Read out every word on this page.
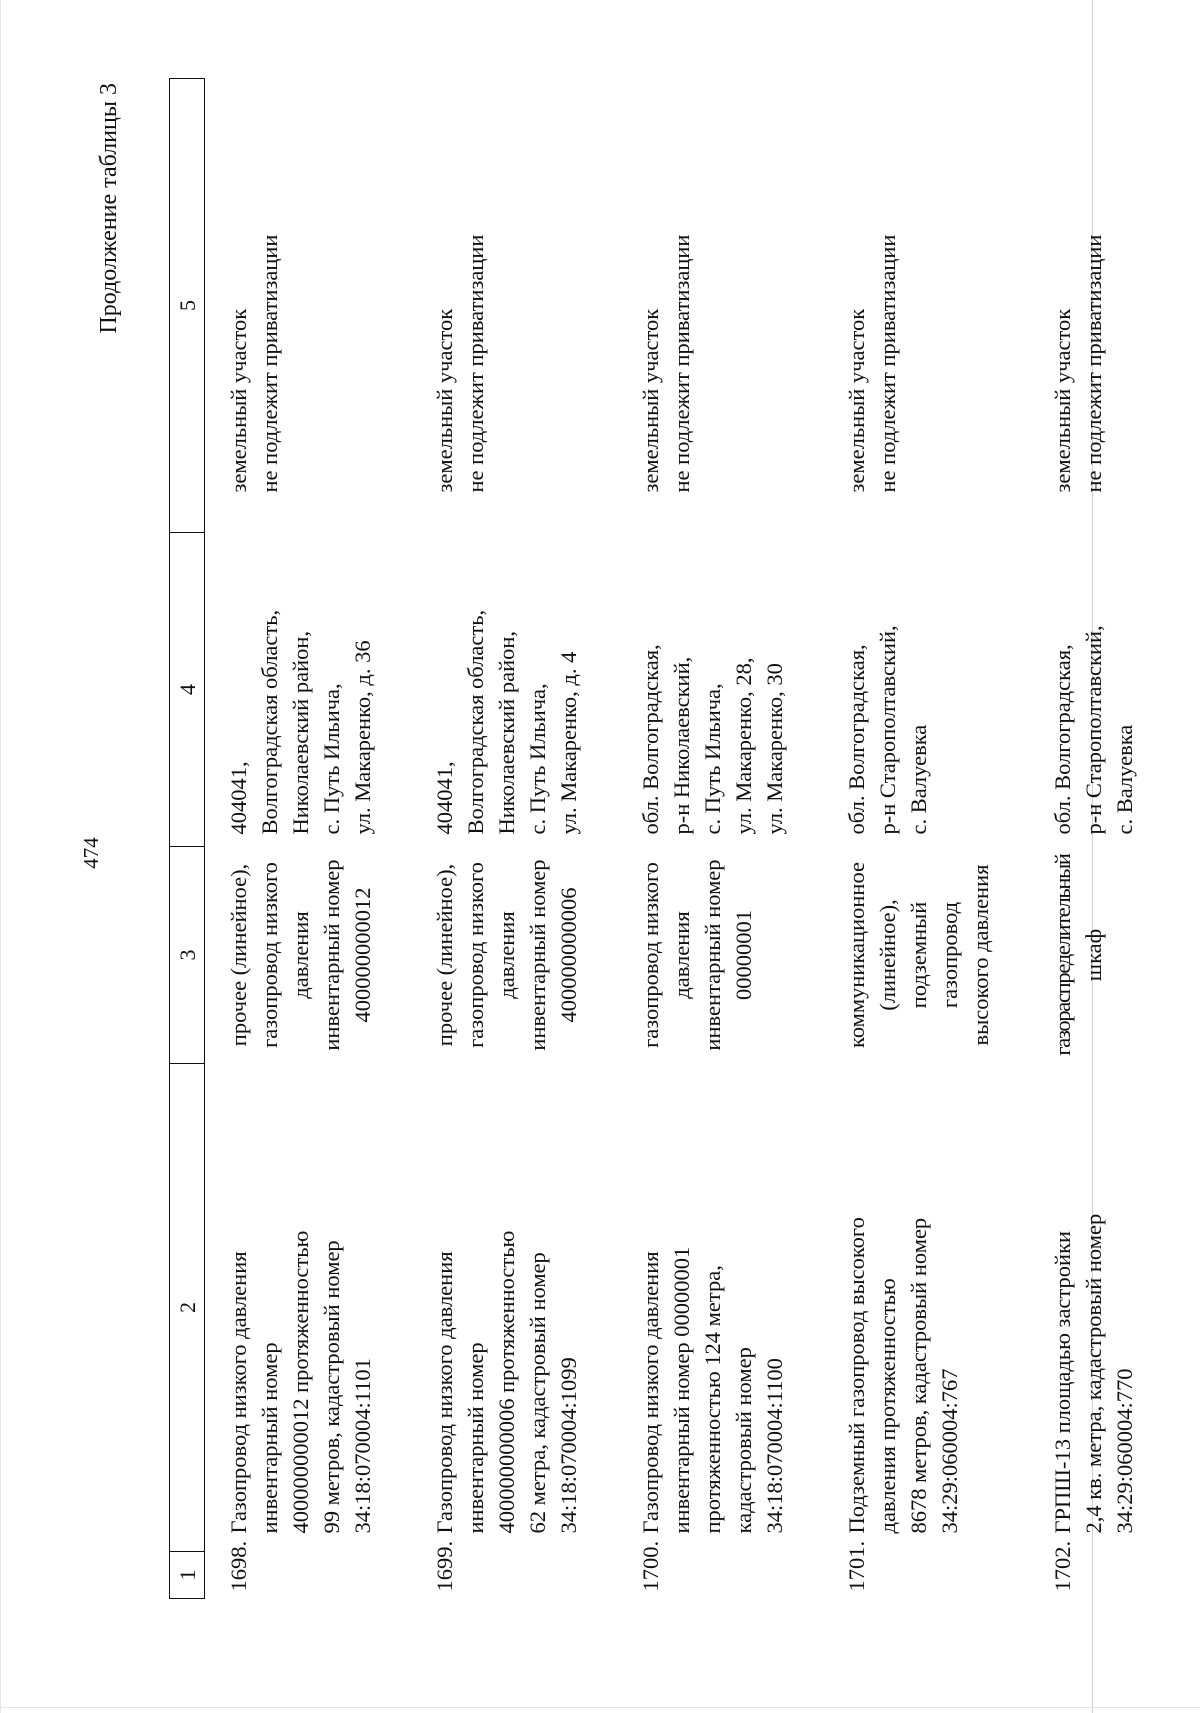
474
Продолжение таблицы 3
1	2	3	4	5
1698.	Газопровод низкого давления инвентарный номер 400000000012 протяженностью 99 метров, кадастровый номер 34:18:070004:1101	прочее (линейное), газопровод низкого давления инвентарный номер 400000000012	404041, Волгоградская область, Николаевский район, с. Путь Ильича, ул. Макаренко, д. 36	земельный участок не подлежит приватизации

1699.	Газопровод низкого давления инвентарный номер 400000000006 протяженностью 62 метра, кадастровый номер 34:18:070004:1099	прочее (линейное), газопровод низкого давления инвентарный номер 400000000006	404041, Волгоградская область, Николаевский район, с. Путь Ильича, ул. Макаренко, д. 4	земельный участок не подлежит приватизации

1700.	Газопровод низкого давления инвентарный номер 00000001 протяженностью 124 метра, кадастровый номер 34:18:070004:1100	газопровод низкого давления инвентарный номер 00000001	обл. Волгоградская, р-н Николаевский, с. Путь Ильича, ул. Макаренко, 28, ул. Макаренко, 30	земельный участок не подлежит приватизации

1701.	Подземный газопровод высокого давления протяженностью 8678 метров, кадастровый номер 34:29:060004:767	коммуникационное (линейное), подземный газопровод высокого давления	обл. Волгоградская, р-н Старополтавский, с. Валуевка	земельный участок не подлежит приватизации

1702.	ГРПШ-13 площадью застройки 2,4 кв. метра, кадастровый номер 34:29:060004:770	газораспределительный шкаф	обл. Волгоградская, р-н Старополтавский, с. Валуевка	земельный участок не подлежит приватизации
